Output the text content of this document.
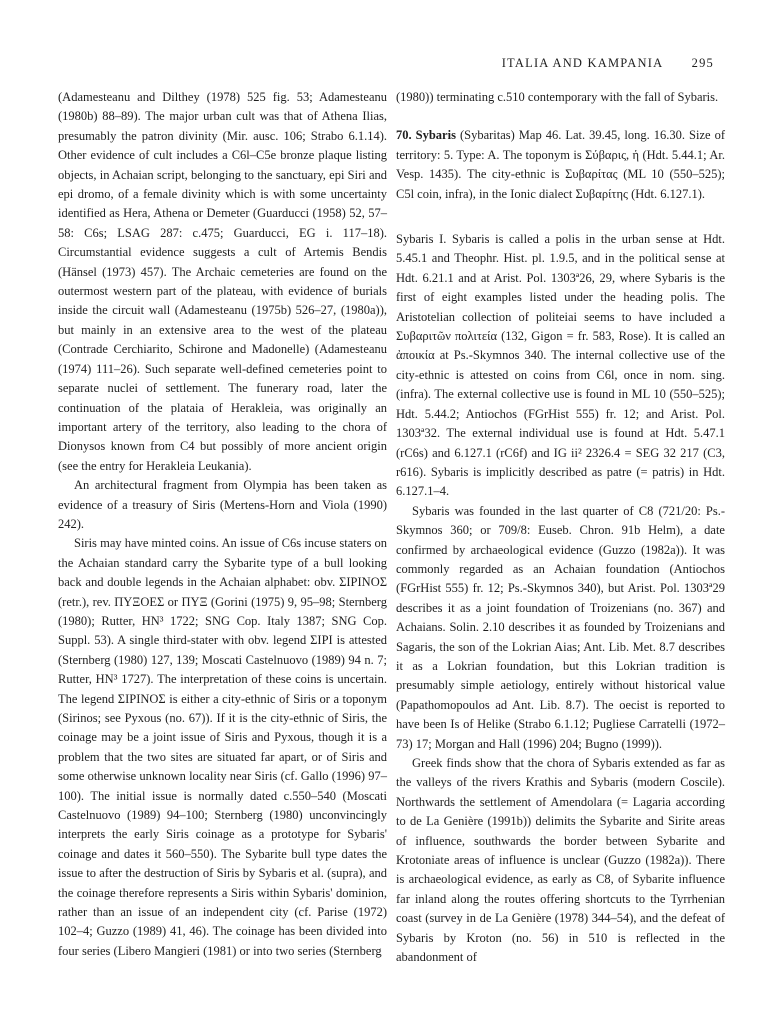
ITALIA AND KAMPANIA 295

(Adamesteanu and Dilthey (1978) 525 fig. 53; Adamesteanu (1980b) 88–89). The major urban cult was that of Athena Ilias, presumably the patron divinity (Mir. ausc. 106; Strabo 6.1.14). Other evidence of cult includes a C6l–C5e bronze plaque listing objects, in Achaian script, belonging to the sanctuary, epi Siri and epi dromo, of a female divinity which is with some uncertainty identified as Hera, Athena or Demeter (Guarducci (1958) 52, 57–58: C6s; LSAG 287: c.475; Guarducci, EG i. 117–18). Circumstantial evidence suggests a cult of Artemis Bendis (Hänsel (1973) 457). The Archaic cemeteries are found on the outermost western part of the plateau, with evidence of burials inside the circuit wall (Adamesteanu (1975b) 526–27, (1980a)), but mainly in an extensive area to the west of the plateau (Contrade Cerchiarito, Schirone and Madonelle) (Adamesteanu (1974) 111–26). Such separate well-defined cemeteries point to separate nuclei of settlement. The funerary road, later the continuation of the plataia of Herakleia, was originally an important artery of the territory, also leading to the chora of Dionysos known from C4 but possibly of more ancient origin (see the entry for Herakleia Leukania).

An architectural fragment from Olympia has been taken as evidence of a treasury of Siris (Mertens-Horn and Viola (1990) 242).

Siris may have minted coins. An issue of C6s incuse staters on the Achaian standard carry the Sybarite type of a bull looking back and double legends in the Achaian alphabet: obv. ΣΙΡΙΝΟΣ (retr.), rev. ΠΥΞΟΕΣ or ΠΥΞ (Gorini (1975) 9, 95–98; Sternberg (1980); Rutter, HN³ 1722; SNG Cop. Italy 1387; SNG Cop. Suppl. 53). A single third-stater with obv. legend ΣΙΡΙ is attested (Sternberg (1980) 127, 139; Moscati Castelnuovo (1989) 94 n. 7; Rutter, HN³ 1727). The interpretation of these coins is uncertain. The legend ΣΙΡΙΝΟΣ is either a city-ethnic of Siris or a toponym (Sirinos; see Pyxous (no. 67)). If it is the city-ethnic of Siris, the coinage may be a joint issue of Siris and Pyxous, though it is a problem that the two sites are situated far apart, or of Siris and some otherwise unknown locality near Siris (cf. Gallo (1996) 97–100). The initial issue is normally dated c.550–540 (Moscati Castelnuovo (1989) 94–100; Sternberg (1980) unconvincingly interprets the early Siris coinage as a prototype for Sybaris' coinage and dates it 560–550). The Sybarite bull type dates the issue to after the destruction of Siris by Sybaris et al. (supra), and the coinage therefore represents a Siris within Sybaris' dominion, rather than an issue of an independent city (cf. Parise (1972) 102–4; Guzzo (1989) 41, 46). The coinage has been divided into four series (Libero Mangieri (1981) or into two series (Sternberg

(1980)) terminating c.510 contemporary with the fall of Sybaris.

70. Sybaris (Sybaritas) Map 46. Lat. 39.45, long. 16.30. Size of territory: 5. Type: A. The toponym is Σύβαρις, ἡ (Hdt. 5.44.1; Ar. Vesp. 1435). The city-ethnic is Συβαρίτας (ML 10 (550–525); C5l coin, infra), in the Ionic dialect Συβαρίτης (Hdt. 6.127.1).

Sybaris I. Sybaris is called a polis in the urban sense at Hdt. 5.45.1 and Theophr. Hist. pl. 1.9.5, and in the political sense at Hdt. 6.21.1 and at Arist. Pol. 1303ª26, 29, where Sybaris is the first of eight examples listed under the heading polis. The Aristotelian collection of politeiai seems to have included a Συβαριτῶν πολιτεία (132, Gigon = fr. 583, Rose). It is called an ἀποικία at Ps.-Skymnos 340. The internal collective use of the city-ethnic is attested on coins from C6l, once in nom. sing. (infra). The external collective use is found in ML 10 (550–525); Hdt. 5.44.2; Antiochos (FGrHist 555) fr. 12; and Arist. Pol. 1303ª32. The external individual use is found at Hdt. 5.47.1 (rC6s) and 6.127.1 (rC6f) and IG ii² 2326.4 = SEG 32 217 (C3, r616). Sybaris is implicitly described as patre (= patris) in Hdt. 6.127.1–4.

Sybaris was founded in the last quarter of C8 (721/20: Ps.-Skymnos 360; or 709/8: Euseb. Chron. 91b Helm), a date confirmed by archaeological evidence (Guzzo (1982a)). It was commonly regarded as an Achaian foundation (Antiochos (FGrHist 555) fr. 12; Ps.-Skymnos 340), but Arist. Pol. 1303ª29 describes it as a joint foundation of Troizenians (no. 367) and Achaians. Solin. 2.10 describes it as founded by Troizenians and Sagaris, the son of the Lokrian Aias; Ant. Lib. Met. 8.7 describes it as a Lokrian foundation, but this Lokrian tradition is presumably simple aetiology, entirely without historical value (Papathomopoulos ad Ant. Lib. 8.7). The oecist is reported to have been Is of Helike (Strabo 6.1.12; Pugliese Carratelli (1972–73) 17; Morgan and Hall (1996) 204; Bugno (1999)).

Greek finds show that the chora of Sybaris extended as far as the valleys of the rivers Krathis and Sybaris (modern Coscile). Northwards the settlement of Amendolara (= Lagaria according to de La Genière (1991b)) delimits the Sybarite and Sirite areas of influence, southwards the border between Sybarite and Krotoniate areas of influence is unclear (Guzzo (1982a)). There is archaeological evidence, as early as C8, of Sybarite influence far inland along the routes offering shortcuts to the Tyrrhenian coast (survey in de La Genière (1978) 344–54), and the defeat of Sybaris by Kroton (no. 56) in 510 is reflected in the abandonment of
